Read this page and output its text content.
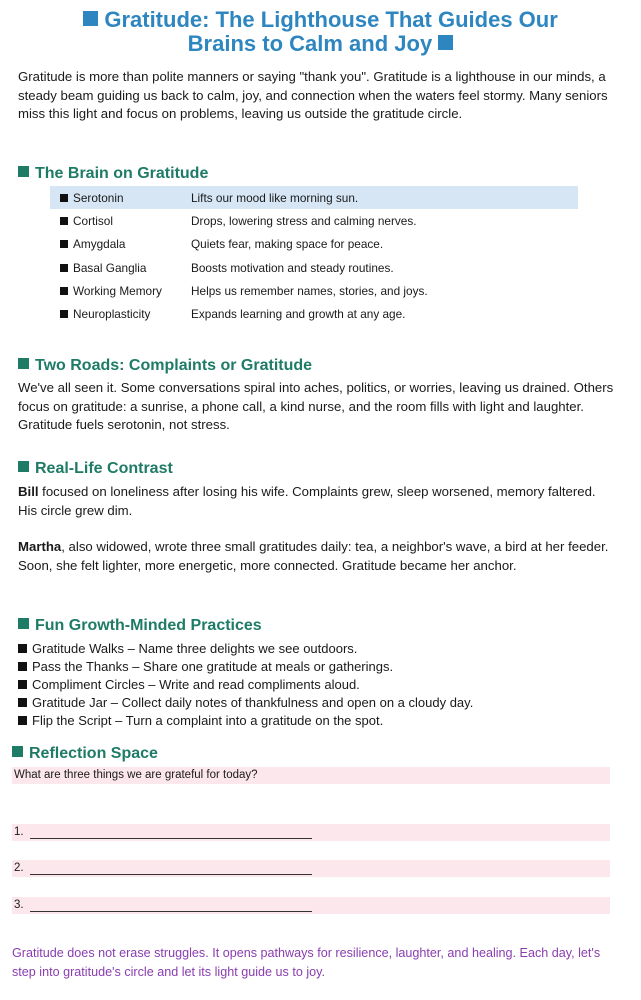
Gratitude: The Lighthouse That Guides Our
Brains to Calm and Joy
Gratitude is more than polite manners or saying "thank you". Gratitude is a lighthouse in our minds, a steady beam guiding us back to calm, joy, and connection when the waters feel stormy. Many seniors miss this light and focus on problems, leaving us outside the gratitude circle.
The Brain on Gratitude
Serotonin	Lifts our mood like morning sun.
Cortisol	Drops, lowering stress and calming nerves.
Amygdala	Quiets fear, making space for peace.
Basal Ganglia	Boosts motivation and steady routines.
Working Memory	Helps us remember names, stories, and joys.
Neuroplasticity	Expands learning and growth at any age.
Two Roads: Complaints or Gratitude
We've all seen it. Some conversations spiral into aches, politics, or worries, leaving us drained. Others focus on gratitude: a sunrise, a phone call, a kind nurse, and the room fills with light and laughter. Gratitude fuels serotonin, not stress.
Real-Life Contrast
Bill focused on loneliness after losing his wife. Complaints grew, sleep worsened, memory faltered. His circle grew dim.
Martha, also widowed, wrote three small gratitudes daily: tea, a neighbor's wave, a bird at her feeder. Soon, she felt lighter, more energetic, more connected. Gratitude became her anchor.
Fun Growth-Minded Practices
Gratitude Walks – Name three delights we see outdoors.
Pass the Thanks – Share one gratitude at meals or gatherings.
Compliment Circles – Write and read compliments aloud.
Gratitude Jar – Collect daily notes of thankfulness and open on a cloudy day.
Flip the Script – Turn a complaint into a gratitude on the spot.
Reflection Space
What are three things we are grateful for today?
1.
2.
3.
Gratitude does not erase struggles. It opens pathways for resilience, laughter, and healing. Each day, let's step into gratitude's circle and let its light guide us to joy.
